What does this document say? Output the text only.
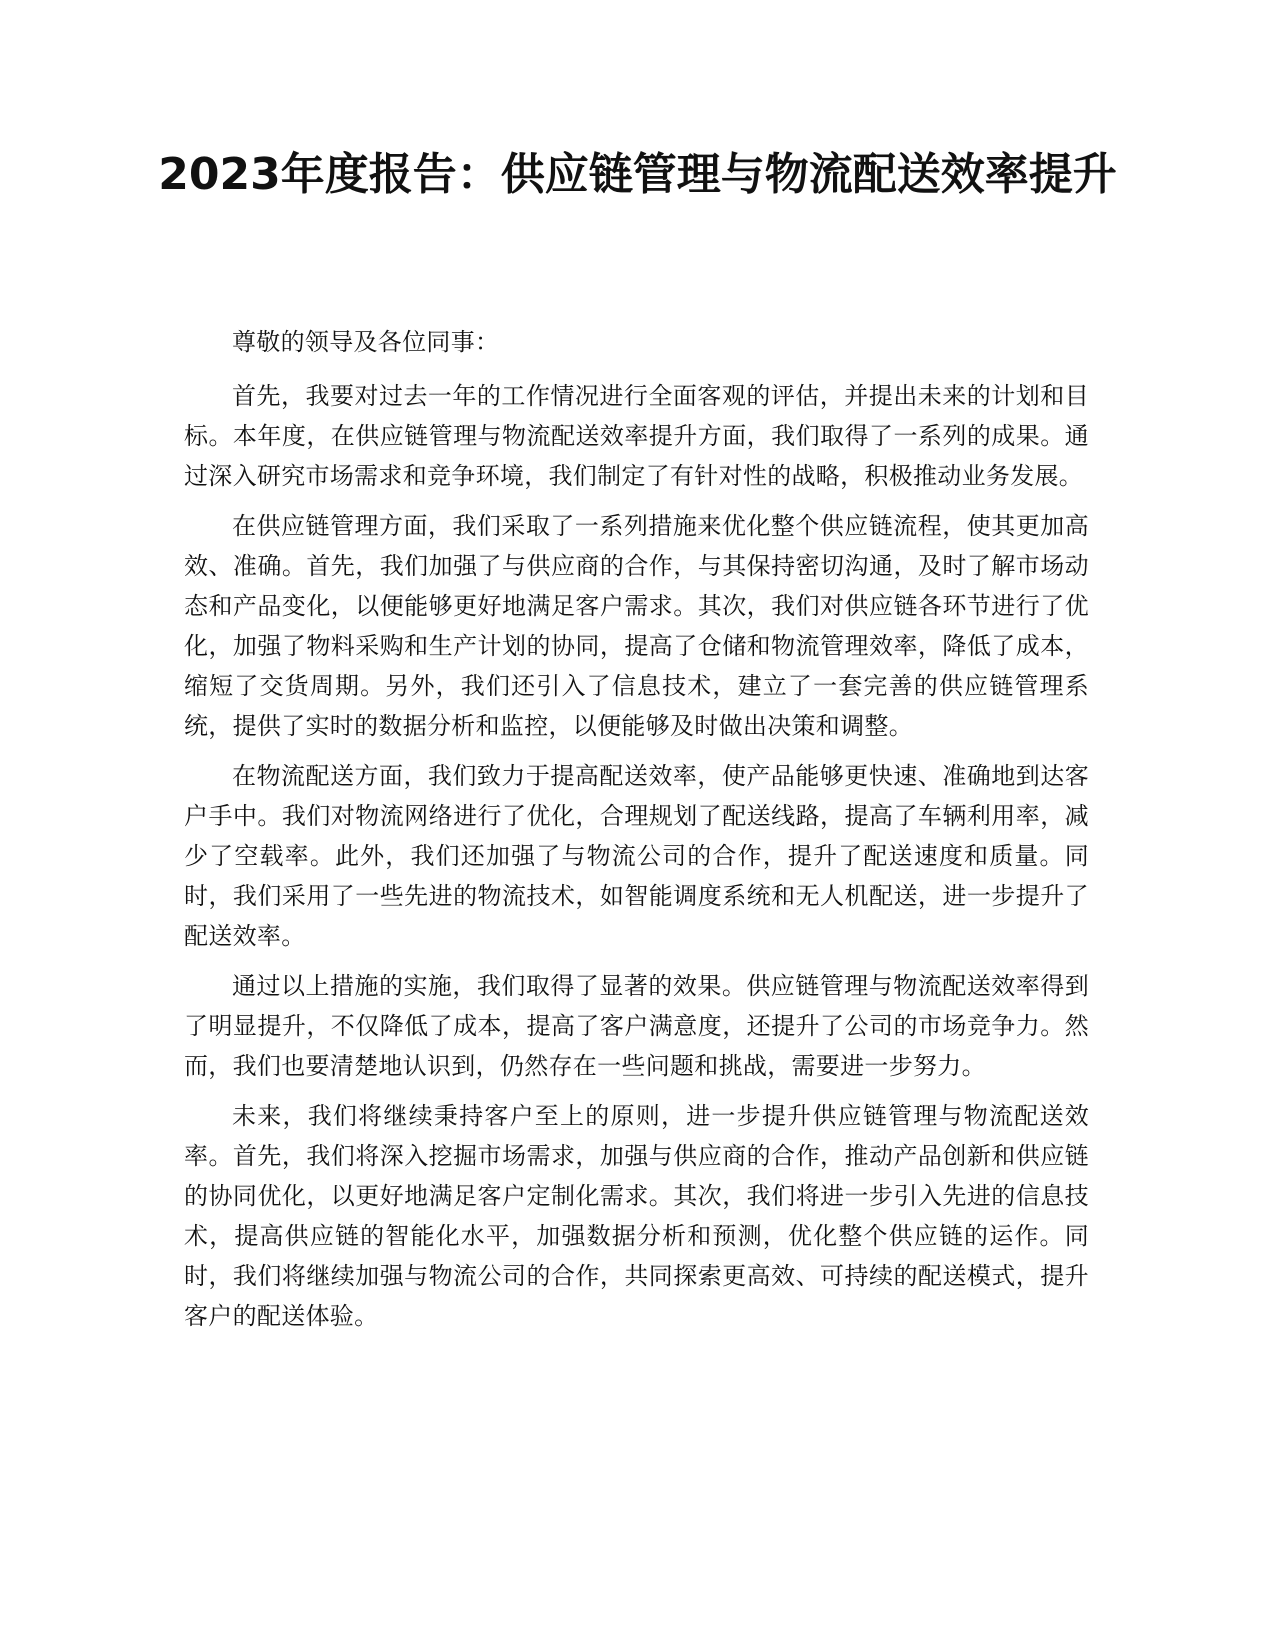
2023年度报告：供应链管理与物流配送效率提升

尊敬的领导及各位同事：

首先，我要对过去一年的工作情况进行全面客观的评估，并提出未来的计划和目标。本年度，在供应链管理与物流配送效率提升方面，我们取得了一系列的成果。通过深入研究市场需求和竞争环境，我们制定了有针对性的战略，积极推动业务发展。

在供应链管理方面，我们采取了一系列措施来优化整个供应链流程，使其更加高效、准确。首先，我们加强了与供应商的合作，与其保持密切沟通，及时了解市场动态和产品变化，以便能够更好地满足客户需求。其次，我们对供应链各环节进行了优化，加强了物料采购和生产计划的协同，提高了仓储和物流管理效率，降低了成本，缩短了交货周期。另外，我们还引入了信息技术，建立了一套完善的供应链管理系统，提供了实时的数据分析和监控，以便能够及时做出决策和调整。

在物流配送方面，我们致力于提高配送效率，使产品能够更快速、准确地到达客户手中。我们对物流网络进行了优化，合理规划了配送线路，提高了车辆利用率，减少了空载率。此外，我们还加强了与物流公司的合作，提升了配送速度和质量。同时，我们采用了一些先进的物流技术，如智能调度系统和无人机配送，进一步提升了配送效率。

通过以上措施的实施，我们取得了显著的效果。供应链管理与物流配送效率得到了明显提升，不仅降低了成本，提高了客户满意度，还提升了公司的市场竞争力。然而，我们也要清楚地认识到，仍然存在一些问题和挑战，需要进一步努力。

未来，我们将继续秉持客户至上的原则，进一步提升供应链管理与物流配送效率。首先，我们将深入挖掘市场需求，加强与供应商的合作，推动产品创新和供应链的协同优化，以更好地满足客户定制化需求。其次，我们将进一步引入先进的信息技术，提高供应链的智能化水平，加强数据分析和预测，优化整个供应链的运作。同时，我们将继续加强与物流公司的合作，共同探索更高效、可持续的配送模式，提升客户的配送体验。
